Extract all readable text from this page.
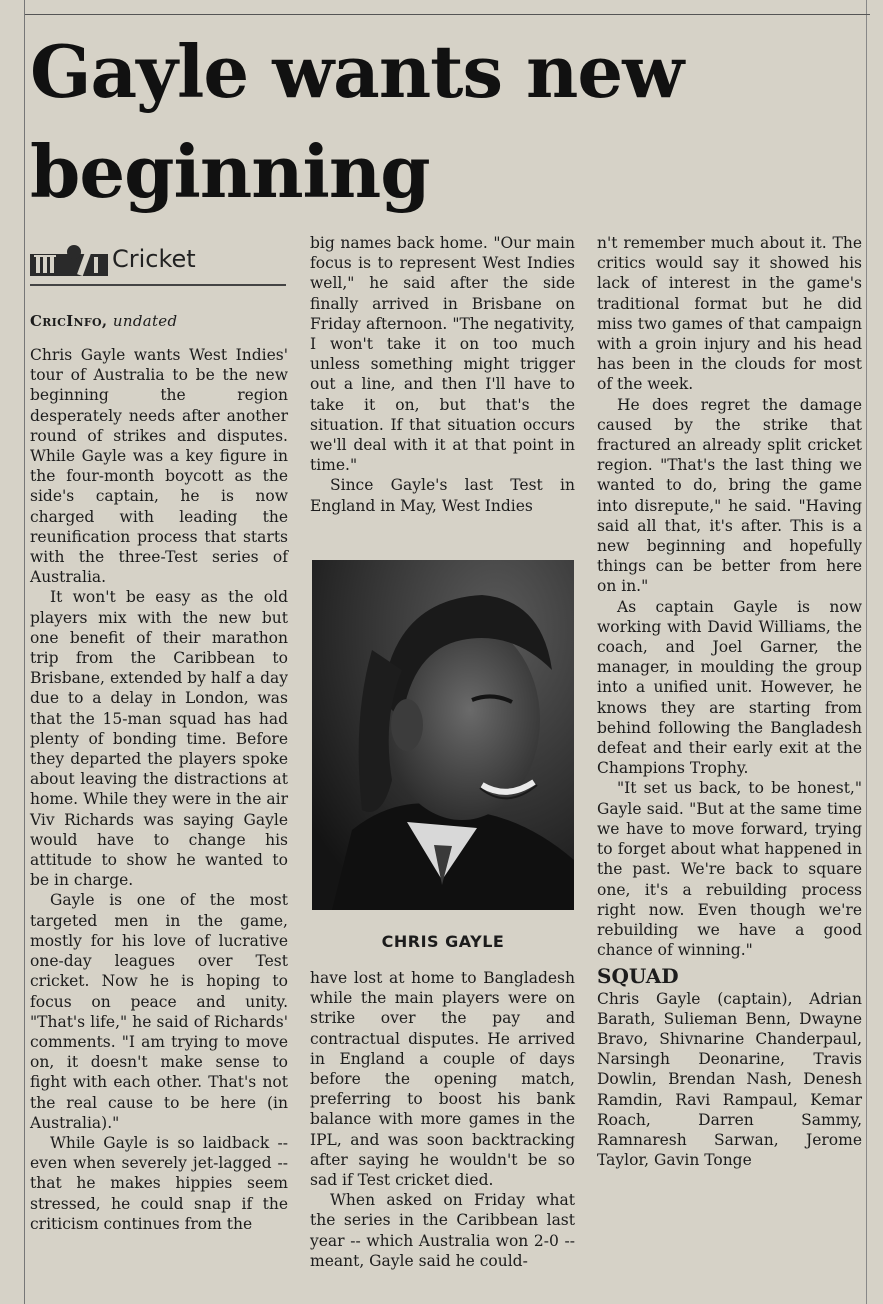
Gayle wants new beginning
Cricket
CricInfo, undated

Chris Gayle wants West Indies' tour of Australia to be the new beginning the region desperately needs after another round of strikes and disputes. While Gayle was a key figure in the four-month boycott as the side's captain, he is now charged with leading the reunification process that starts with the three-Test series of Australia.

It won't be easy as the old players mix with the new but one benefit of their marathon trip from the Caribbean to Brisbane, extended by half a day due to a delay in London, was that the 15-man squad has had plenty of bonding time. Before they departed the players spoke about leaving the distractions at home. While they were in the air Viv Richards was saying Gayle would have to change his attitude to show he wanted to be in charge.

Gayle is one of the most targeted men in the game, mostly for his love of lucrative one-day leagues over Test cricket. Now he is hoping to focus on peace and unity. "That's life," he said of Richards' comments. "I am trying to move on, it doesn't make sense to fight with each other. That's not the real cause to be here (in Australia)."

While Gayle is so laidback -- even when severely jet-lagged -- that he makes hippies seem stressed, he could snap if the criticism continues from the

big names back home. "Our main focus is to represent West Indies well," he said after the side finally arrived in Brisbane on Friday afternoon. "The negativity, I won't take it on too much unless something might trigger out a line, and then I'll have to take it on, but that's the situation. If that situation occurs we'll deal with it at that point in time."

Since Gayle's last Test in England in May, West Indies

CHRIS GAYLE

have lost at home to Bangladesh while the main players were on strike over the pay and contractual disputes. He arrived in England a couple of days before the opening match, preferring to boost his bank balance with more games in the IPL, and was soon backtracking after saying he wouldn't be so sad if Test cricket died.

When asked on Friday what the series in the Caribbean last year -- which Australia won 2-0 -- meant, Gayle said he could-

n't remember much about it. The critics would say it showed his lack of interest in the game's traditional format but he did miss two games of that campaign with a groin injury and his head has been in the clouds for most of the week.

He does regret the damage caused by the strike that fractured an already split cricket region. "That's the last thing we wanted to do, bring the game into disrepute," he said. "Having said all that, it's after. This is a new beginning and hopefully things can be better from here on in."

As captain Gayle is now working with David Williams, the coach, and Joel Garner, the manager, in moulding the group into a unified unit. However, he knows they are starting from behind following the Bangladesh defeat and their early exit at the Champions Trophy.

"It set us back, to be honest," Gayle said. "But at the same time we have to move forward, trying to forget about what happened in the past. We're back to square one, it's a rebuilding process right now. Even though we're rebuilding we have a good chance of winning."

SQUAD

Chris Gayle (captain), Adrian Barath, Sulieman Benn, Dwayne Bravo, Shivnarine Chanderpaul, Narsingh Deonarine, Travis Dowlin, Brendan Nash, Denesh Ramdin, Ravi Rampaul, Kemar Roach, Darren Sammy, Ramnaresh Sarwan, Jerome Taylor, Gavin Tonge
